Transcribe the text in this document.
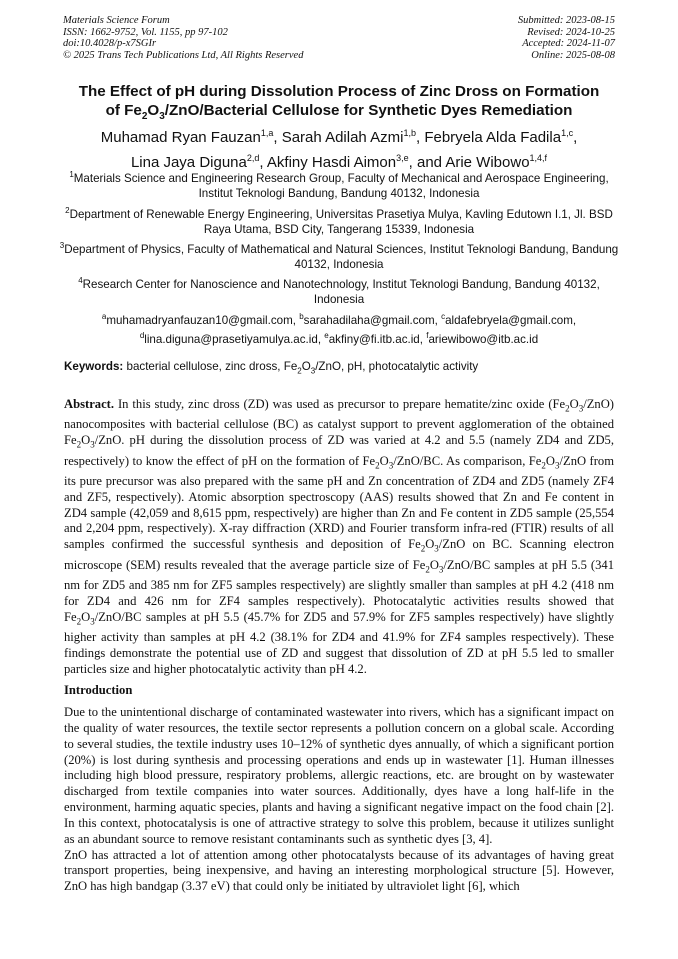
Materials Science Forum
ISSN: 1662-9752, Vol. 1155, pp 97-102
doi:10.4028/p-x7SGIr
© 2025 Trans Tech Publications Ltd, All Rights Reserved
Submitted: 2023-08-15
Revised: 2024-10-25
Accepted: 2024-11-07
Online: 2025-08-08
The Effect of pH during Dissolution Process of Zinc Dross on Formation
of $Fe_2O_3/ZnO$/Bacterial Cellulose for Synthetic Dyes Remediation
Muhamad Ryan Fauzan$^{1,a}$, Sarah Adilah Azmi$^{1,b}$, Febryela Alda Fadila$^{1,c}$,
Lina Jaya Diguna$^{2,d}$, Akfiny Hasdi Aimon$^{3,e}$, and Arie Wibowo$^{1,4,f}$
$^1$Materials Science and Engineering Research Group, Faculty of Mechanical and Aerospace Engineering, Institut Teknologi Bandung, Bandung 40132, Indonesia
$^2$Department of Renewable Energy Engineering, Universitas Prasetiya Mulya, Kavling Edutown I.1, Jl. BSD Raya Utama, BSD City, Tangerang 15339, Indonesia
$^3$Department of Physics, Faculty of Mathematical and Natural Sciences, Institut Teknologi Bandung, Bandung 40132, Indonesia
$^4$Research Center for Nanoscience and Nanotechnology, Institut Teknologi Bandung, Bandung 40132, Indonesia
$^a$muhamadryanfauzan10@gmail.com, $^b$sarahadilaha@gmail.com, $^c$aldafebryela@gmail.com,
$^d$lina.diguna@prasetiyamulya.ac.id, $^e$akfiny@fi.itb.ac.id, $^f$ariewibowo@itb.ac.id
Keywords: bacterial cellulose, zinc dross, $Fe_2O_3$/ZnO, pH, photocatalytic activity
Abstract. In this study, zinc dross (ZD) was used as precursor to prepare hematite/zinc oxide $(Fe_2O_3/ZnO)$ nanocomposites with bacterial cellulose (BC) as catalyst support to prevent agglomeration of the obtained $Fe_2O_3$/ZnO. pH during the dissolution process of ZD was varied at 4.2 and 5.5 (namely ZD4 and ZD5, respectively) to know the effect of pH on the formation of $Fe_2O_3/ZnO/BC$. As comparison, $Fe_2O_3$/ZnO from its pure precursor was also prepared with the same pH and Zn concentration of ZD4 and ZD5 (namely ZF4 and ZF5, respectively). Atomic absorption spectroscopy (AAS) results showed that Zn and Fe content in ZD4 sample (42,059 and 8,615 ppm, respectively) are higher than Zn and Fe content in ZD5 sample (25,554 and 2,204 ppm, respectively). X-ray diffraction (XRD) and Fourier transform infra-red (FTIR) results of all samples confirmed the successful synthesis and deposition of $Fe_2O_3$/ZnO on BC. Scanning electron microscope (SEM) results revealed that the average particle size of $Fe_2O_3/ZnO/BC$ samples at pH 5.5 (341 nm for ZD5 and 385 nm for ZF5 samples respectively) are slightly smaller than samples at pH 4.2 (418 nm for ZD4 and 426 nm for ZF4 samples respectively). Photocatalytic activities results showed that $Fe_2O_3/ZnO/BC$ samples at pH 5.5 (45.7% for ZD5 and 57.9% for ZF5 samples respectively) have slightly higher activity than samples at pH 4.2 (38.1% for ZD4 and 41.9% for ZF4 samples respectively). These findings demonstrate the potential use of ZD and suggest that dissolution of ZD at pH 5.5 led to smaller particles size and higher photocatalytic activity than pH 4.2.
Introduction

Due to the unintentional discharge of contaminated wastewater into rivers, which has a significant impact on the quality of water resources, the textile sector represents a pollution concern on a global scale. According to several studies, the textile industry uses 10–12% of synthetic dyes annually, of which a significant portion (20%) is lost during synthesis and processing operations and ends up in wastewater [1]. Human illnesses including high blood pressure, respiratory problems, allergic reactions, etc. are brought on by wastewater discharged from textile companies into water sources. Additionally, dyes have a long half-life in the environment, harming aquatic species, plants and having a significant negative impact on the food chain [2]. In this context, photocatalysis is one of attractive strategy to solve this problem, because it utilizes sunlight as an abundant source to remove resistant contaminants such as synthetic dyes [3, 4].

ZnO has attracted a lot of attention among other photocatalysts because of its advantages of having great transport properties, being inexpensive, and having an interesting morphological structure [5]. However, ZnO has high bandgap (3.37 eV) that could only be initiated by ultraviolet light [6], which
